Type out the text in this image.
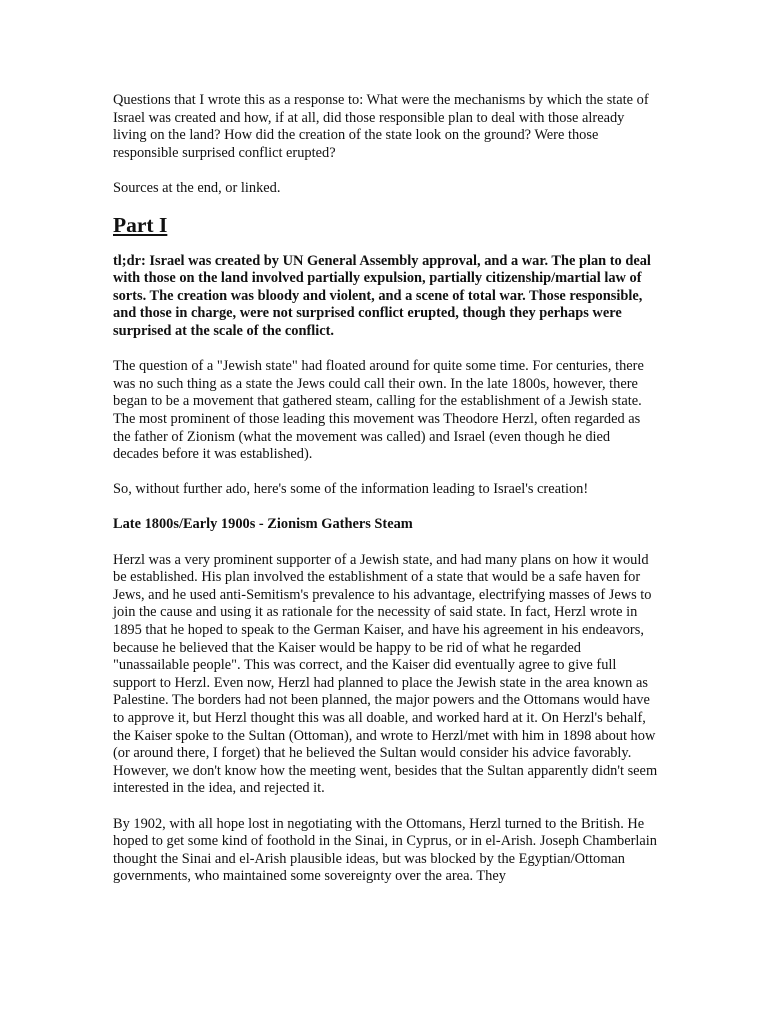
Questions that I wrote this as a response to: What were the mechanisms by which the state of Israel was created and how, if at all, did those responsible plan to deal with those already living on the land? How did the creation of the state look on the ground? Were those responsible surprised conflict erupted?

Sources at the end, or linked.

Part I

tl;dr: Israel was created by UN General Assembly approval, and a war. The plan to deal with those on the land involved partially expulsion, partially citizenship/martial law of sorts. The creation was bloody and violent, and a scene of total war. Those responsible, and those in charge, were not surprised conflict erupted, though they perhaps were surprised at the scale of the conflict.

The question of a "Jewish state" had floated around for quite some time. For centuries, there was no such thing as a state the Jews could call their own. In the late 1800s, however, there began to be a movement that gathered steam, calling for the establishment of a Jewish state. The most prominent of those leading this movement was Theodore Herzl, often regarded as the father of Zionism (what the movement was called) and Israel (even though he died decades before it was established).

So, without further ado, here's some of the information leading to Israel's creation!

Late 1800s/Early 1900s - Zionism Gathers Steam

Herzl was a very prominent supporter of a Jewish state, and had many plans on how it would be established. His plan involved the establishment of a state that would be a safe haven for Jews, and he used anti-Semitism's prevalence to his advantage, electrifying masses of Jews to join the cause and using it as rationale for the necessity of said state. In fact, Herzl wrote in 1895 that he hoped to speak to the German Kaiser, and have his agreement in his endeavors, because he believed that the Kaiser would be happy to be rid of what he regarded "unassailable people". This was correct, and the Kaiser did eventually agree to give full support to Herzl. Even now, Herzl had planned to place the Jewish state in the area known as Palestine. The borders had not been planned, the major powers and the Ottomans would have to approve it, but Herzl thought this was all doable, and worked hard at it. On Herzl's behalf, the Kaiser spoke to the Sultan (Ottoman), and wrote to Herzl/met with him in 1898 about how (or around there, I forget) that he believed the Sultan would consider his advice favorably. However, we don't know how the meeting went, besides that the Sultan apparently didn't seem interested in the idea, and rejected it.

By 1902, with all hope lost in negotiating with the Ottomans, Herzl turned to the British. He hoped to get some kind of foothold in the Sinai, in Cyprus, or in el-Arish. Joseph Chamberlain thought the Sinai and el-Arish plausible ideas, but was blocked by the Egyptian/Ottoman governments, who maintained some sovereignty over the area. They
